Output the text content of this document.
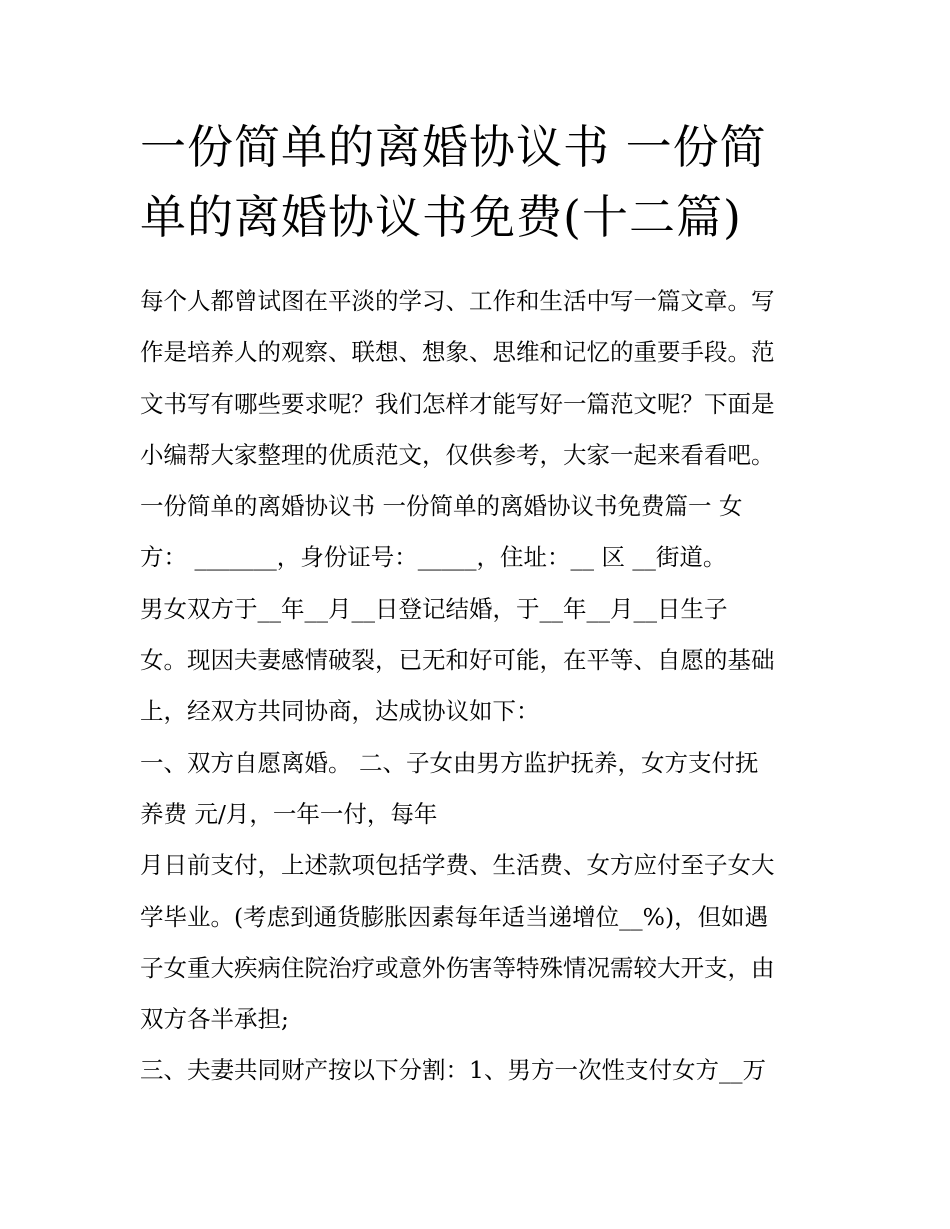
一份简单的离婚协议书 一份简
单的离婚协议书免费(十二篇)
每个人都曾试图在平淡的学习、工作和生活中写一篇文章。写
作是培养人的观察、联想、想象、思维和记忆的重要手段。范
文书写有哪些要求呢？我们怎样才能写好一篇范文呢？下面是
小编帮大家整理的优质范文，仅供参考，大家一起来看看吧。
一份简单的离婚协议书 一份简单的离婚协议书免费篇一 女
方： _______，身份证号：_____，住址：__ 区 __街道。
男女双方于__年__月__日登记结婚，于__年__月__日生子
女。现因夫妻感情破裂，已无和好可能，在平等、自愿的基础
上，经双方共同协商，达成协议如下：
一、双方自愿离婚。 二、子女由男方监护抚养，女方支付抚
养费 元/月，一年一付，每年
月日前支付，上述款项包括学费、生活费、女方应付至子女大
学毕业。(考虑到通货膨胀因素每年适当递增位__%)，但如遇
子女重大疾病住院治疗或意外伤害等特殊情况需较大开支，由
双方各半承担;
三、夫妻共同财产按以下分割：1、男方一次性支付女方__万
